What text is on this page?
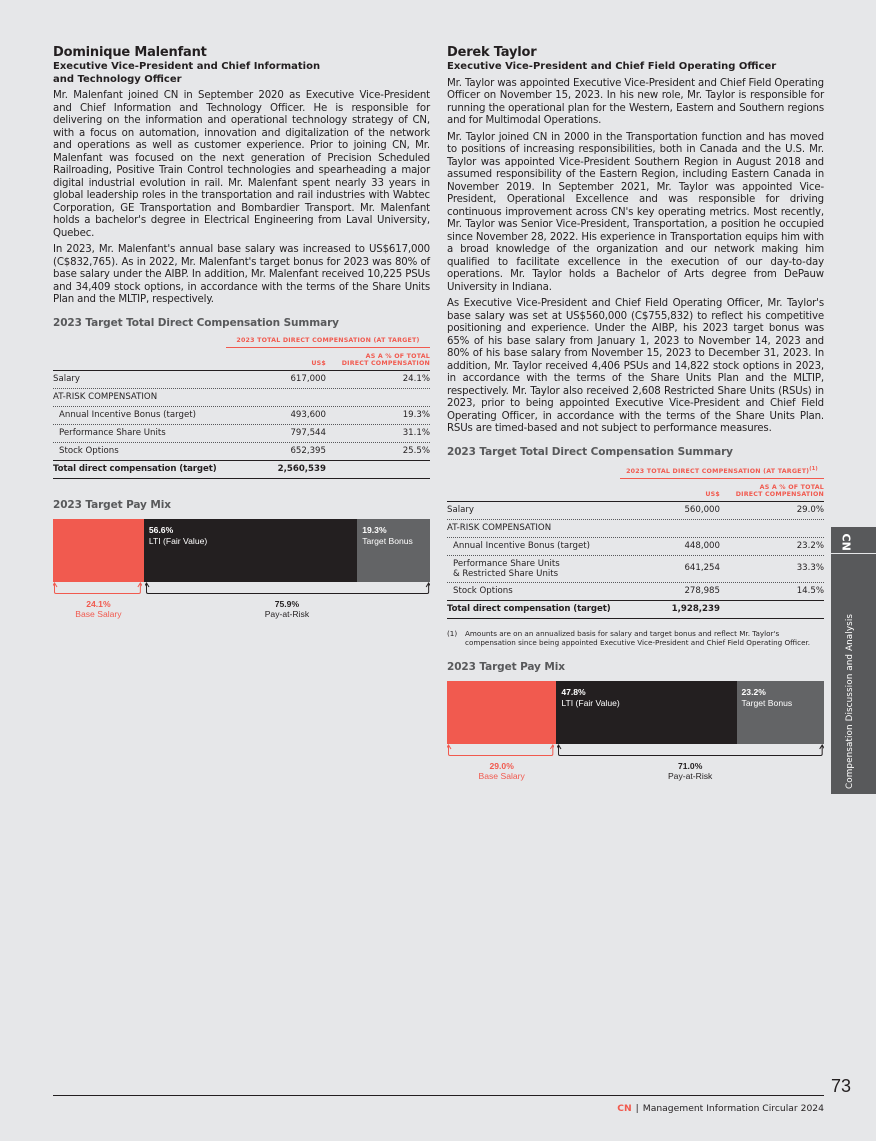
Dominique Malenfant
Executive Vice-President and Chief Information
and Technology Officer

Mr. Malenfant joined CN in September 2020 as Executive Vice-President and Chief Information and Technology Officer. He is responsible for delivering on the information and operational technology strategy of CN, with a focus on automation, innovation and digitalization of the network and operations as well as customer experience. Prior to joining CN, Mr. Malenfant was focused on the next generation of Precision Scheduled Railroading, Positive Train Control technologies and spearheading a major digital industrial evolution in rail. Mr. Malenfant spent nearly 33 years in global leadership roles in the transportation and rail industries with Wabtec Corporation, GE Transportation and Bombardier Transport. Mr. Malenfant holds a bachelor's degree in Electrical Engineering from Laval University, Quebec.

In 2023, Mr. Malenfant's annual base salary was increased to US$617,000 (C$832,765). As in 2022, Mr. Malenfant's target bonus for 2023 was 80% of base salary under the AIBP. In addition, Mr. Malenfant received 10,225 PSUs and 34,409 stock options, in accordance with the terms of the Share Units Plan and the MLTIP, respectively.

2023 Target Total Direct Compensation Summary
2023 TOTAL DIRECT COMPENSATION (AT TARGET)
US$
AS A % OF TOTAL
DIRECT COMPENSATION
Salary	617,000	24.1%
AT-RISK COMPENSATION
Annual Incentive Bonus (target)	493,600	19.3%
Performance Share Units	797,544	31.1%
Stock Options	652,395	25.5%
Total direct compensation (target)	2,560,539
2023 Target Pay Mix
56.6%
LTI (Fair Value)
19.3%
Target Bonus
24.1%
Base Salary
75.9%
Pay-at-Risk
Derek Taylor
Executive Vice-President and Chief Field Operating Officer

Mr. Taylor was appointed Executive Vice-President and Chief Field Operating Officer on November 15, 2023. In his new role, Mr. Taylor is responsible for running the operational plan for the Western, Eastern and Southern regions and for Multimodal Operations.

Mr. Taylor joined CN in 2000 in the Transportation function and has moved to positions of increasing responsibilities, both in Canada and the U.S. Mr. Taylor was appointed Vice-President Southern Region in August 2018 and assumed responsibility of the Eastern Region, including Eastern Canada in November 2019. In September 2021, Mr. Taylor was appointed Vice-President, Operational Excellence and was responsible for driving continuous improvement across CN's key operating metrics. Most recently, Mr. Taylor was Senior Vice-President, Transportation, a position he occupied since November 28, 2022. His experience in Transportation equips him with a broad knowledge of the organization and our network making him qualified to facilitate excellence in the execution of our day-to-day operations. Mr. Taylor holds a Bachelor of Arts degree from DePauw University in Indiana.

As Executive Vice-President and Chief Field Operating Officer, Mr. Taylor's base salary was set at US$560,000 (C$755,832) to reflect his competitive positioning and experience. Under the AIBP, his 2023 target bonus was 65% of his base salary from January 1, 2023 to November 14, 2023 and 80% of his base salary from November 15, 2023 to December 31, 2023. In addition, Mr. Taylor received 4,406 PSUs and 14,822 stock options in 2023, in accordance with the terms of the Share Units Plan and the MLTIP, respectively. Mr. Taylor also received 2,608 Restricted Share Units (RSUs) in 2023, prior to being appointed Executive Vice-President and Chief Field Operating Officer, in accordance with the terms of the Share Units Plan. RSUs are timed-based and not subject to performance measures.

2023 Target Total Direct Compensation Summary
2023 TOTAL DIRECT COMPENSATION (AT TARGET)$^{(1)}$
US$
AS A % OF TOTAL
DIRECT COMPENSATION
Salary	560,000	29.0%
AT-RISK COMPENSATION
Annual Incentive Bonus (target)	448,000	23.2%
Performance Share Units
& Restricted Share Units
641,254	33.3%
Stock Options	278,985	14.5%
Total direct compensation (target)	1,928,239
(1)	Amounts are on an annualized basis for salary and target bonus and reflect Mr. Taylor's compensation since being appointed Executive Vice-President and Chief Field Operating Officer.
2023 Target Pay Mix
47.8%
LTI (Fair Value)
23.2%
Target Bonus
29.0%
Base Salary
71.0%
Pay-at-Risk
CN
Compensation Discussion and Analysis
73
CN | Management Information Circular 2024
